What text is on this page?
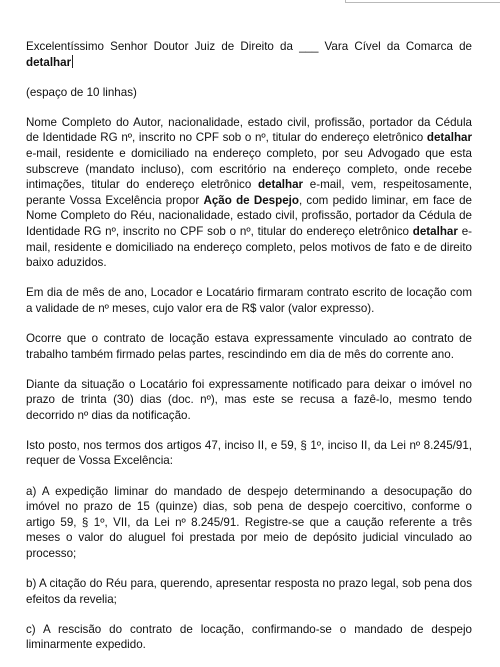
Excelentíssimo Senhor Doutor Juiz de Direito da ___ Vara Cível da Comarca de detalhar

(espaço de 10 linhas)

Nome Completo do Autor, nacionalidade, estado civil, profissão, portador da Cédula de Identidade RG nº, inscrito no CPF sob o nº, titular do endereço eletrônico detalhar e-mail, residente e domiciliado na endereço completo, por seu Advogado que esta subscreve (mandato incluso), com escritório na endereço completo, onde recebe intimações, titular do endereço eletrônico detalhar e-mail, vem, respeitosamente, perante Vossa Excelência propor Ação de Despejo, com pedido liminar, em face de Nome Completo do Réu, nacionalidade, estado civil, profissão, portador da Cédula de Identidade RG nº, inscrito no CPF sob o nº, titular do endereço eletrônico detalhar e-mail, residente e domiciliado na endereço completo, pelos motivos de fato e de direito baixo aduzidos.

Em dia de mês de ano, Locador e Locatário firmaram contrato escrito de locação com a validade de nº meses, cujo valor era de R$ valor (valor expresso).

Ocorre que o contrato de locação estava expressamente vinculado ao contrato de trabalho também firmado pelas partes, rescindindo em dia de mês do corrente ano.

Diante da situação o Locatário foi expressamente notificado para deixar o imóvel no prazo de trinta (30) dias (doc. nº), mas este se recusa a fazê-lo, mesmo tendo decorrido nº dias da notificação.

Isto posto, nos termos dos artigos 47, inciso II, e 59, § 1º, inciso II, da Lei nº 8.245/91, requer de Vossa Excelência:

a) A expedição liminar do mandado de despejo determinando a desocupação do imóvel no prazo de 15 (quinze) dias, sob pena de despejo coercitivo, conforme o artigo 59, § 1º, VII, da Lei nº 8.245/91. Registre-se que a caução referente a três meses o valor do aluguel foi prestada por meio de depósito judicial vinculado ao processo;

b) A citação do Réu para, querendo, apresentar resposta no prazo legal, sob pena dos efeitos da revelia;

c) A rescisão do contrato de locação, confirmando-se o mandado de despejo liminarmente expedido.
